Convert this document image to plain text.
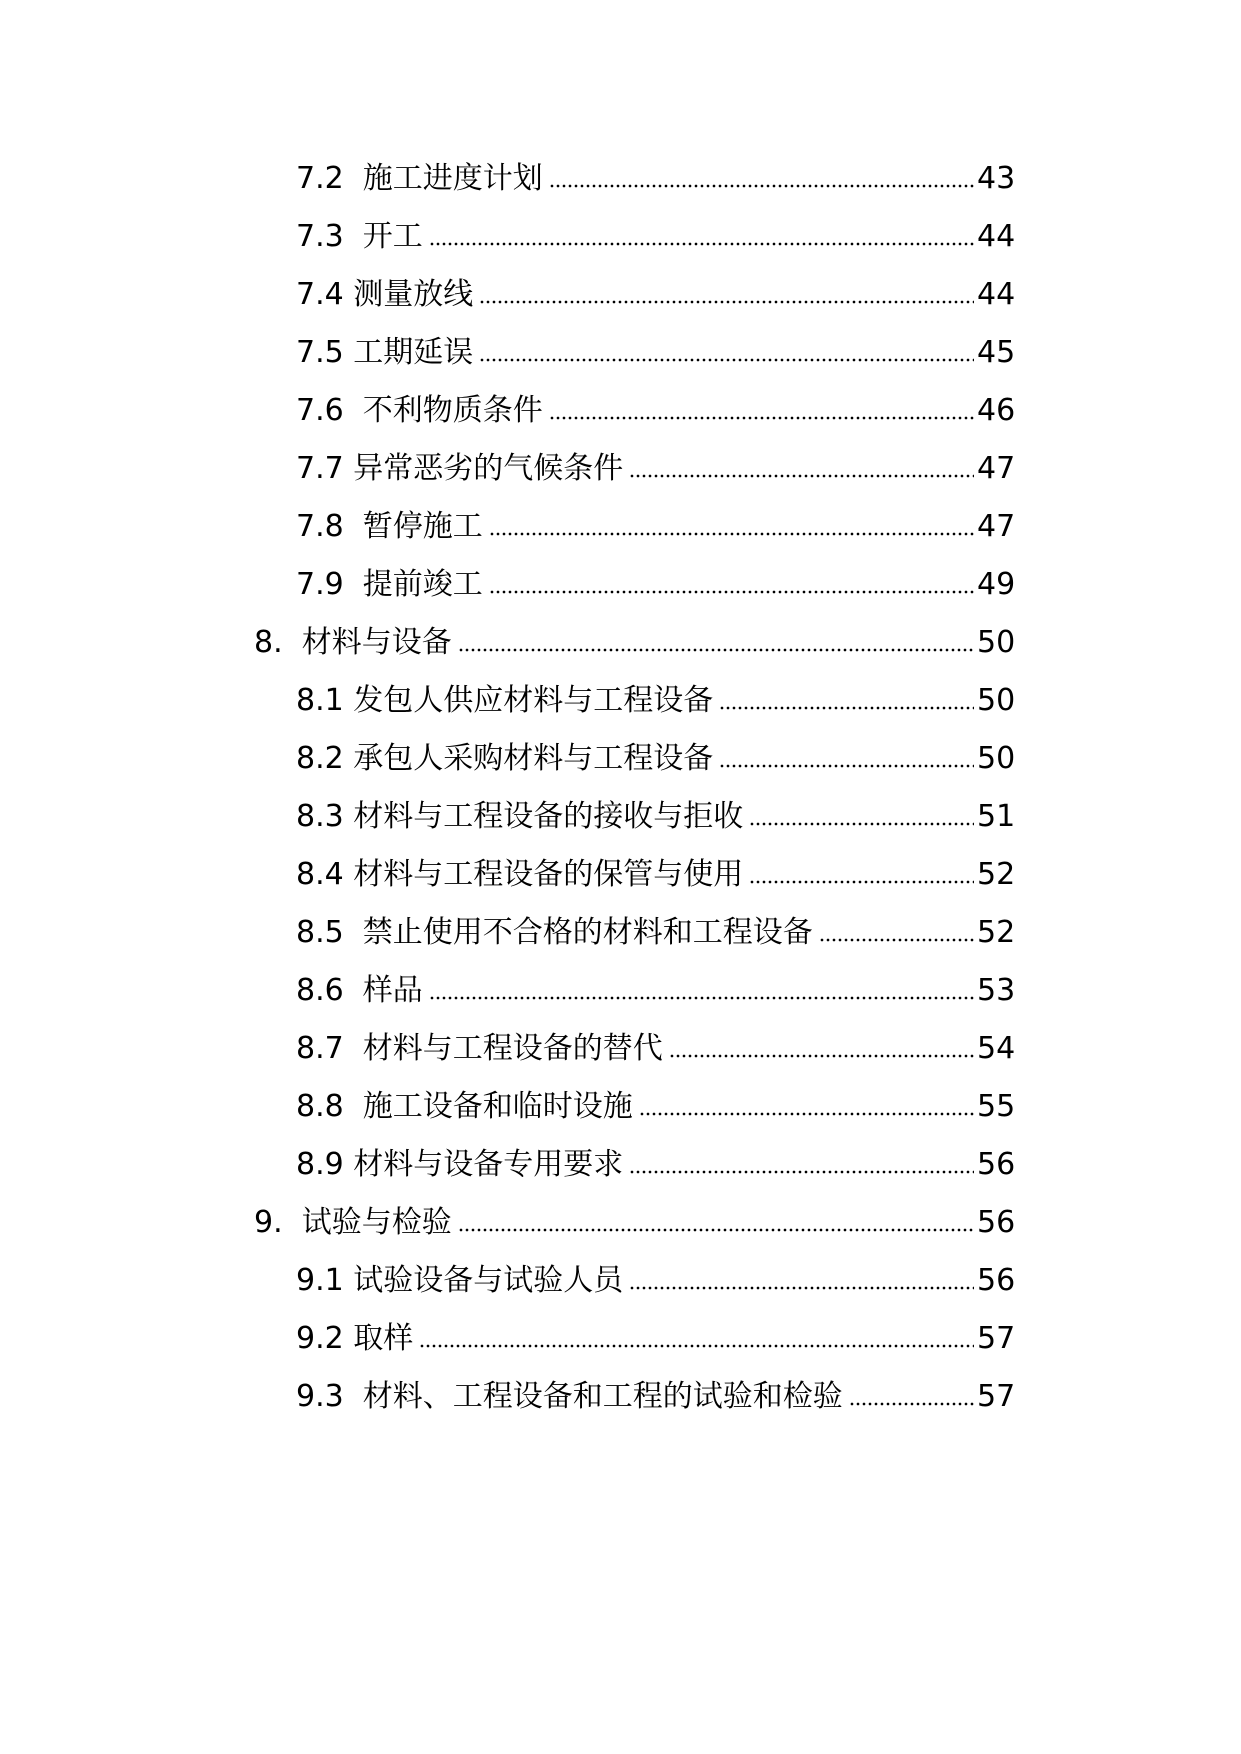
7.2 施工进度计划	43
7.3 开工	44
7.4 测量放线	44
7.5 工期延误	45
7.6 不利物质条件	46
7.7 异常恶劣的气候条件	47
7.8 暂停施工	47
7.9 提前竣工	49
8. 材料与设备	50
8.1 发包人供应材料与工程设备	50
8.2 承包人采购材料与工程设备	50
8.3 材料与工程设备的接收与拒收	51
8.4 材料与工程设备的保管与使用	52
8.5 禁止使用不合格的材料和工程设备	52
8.6 样品	53
8.7 材料与工程设备的替代	54
8.8 施工设备和临时设施	55
8.9 材料与设备专用要求	56
9. 试验与检验	56
9.1 试验设备与试验人员	56
9.2 取样	57
9.3 材料、工程设备和工程的试验和检验	57
